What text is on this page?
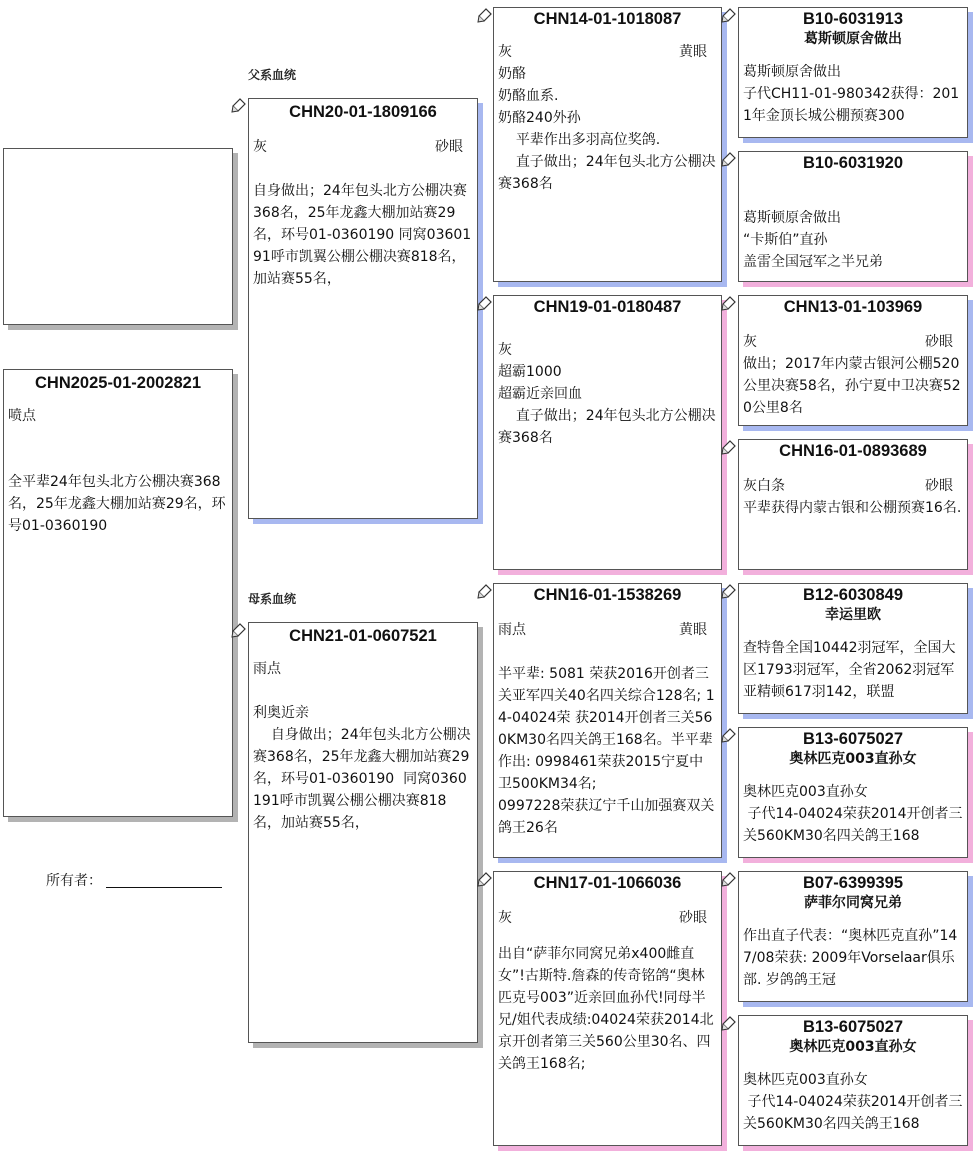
父系血统
母系血统
CHN2025-01-2002821
喷点
全平辈24年包头北方公棚决赛368名，25年龙鑫大棚加站赛29名，环号01-0360190
所有者：
CHN20-01-1809166
灰	砂眼
自身做出；24年包头北方公棚决赛368名，25年龙鑫大棚加站赛29名，环号01-0360190 同窝0360191呼市凯翼公棚公棚决赛818名，加站赛55名，
CHN21-01-0607521
雨点
利奥近亲
自身做出；24年包头北方公棚决赛368名，25年龙鑫大棚加站赛29名，环号01-0360190  同窝0360191呼市凯翼公棚公棚决赛818名，加站赛55名，
CHN14-01-1018087
灰	黄眼
奶酪
奶酪血系.
奶酪240外孙
平辈作出多羽高位奖鸽.
直子做出；24年包头北方公棚决赛368名
CHN19-01-0180487
灰
超霸1000
超霸近亲回血
直子做出；24年包头北方公棚决赛368名
CHN16-01-1538269
雨点	黄眼
半平辈: 5081 荣获2016开创者三关亚军四关40名四关综合128名; 14-04024荣 获2014开创者三关560KM30名四关鸽王168名。半平辈作出: 0998461荣获2015宁夏中卫500KM34名;
0997228荣获辽宁千山加强赛双关鸽王26名
CHN17-01-1066036
灰	砂眼
出自“萨菲尔同窝兄弟x400雌直女”!古斯特.詹森的传奇铭鸽“奥林匹克号003”近亲回血孙代!同母半兄/姐代表成绩:04024荣获2014北京开创者第三关560公里30名、四关鸽王168名;
B10-6031913
葛斯顿原舍做出
葛斯顿原舍做出
子代CH11-01-980342获得：2011年金顶长城公棚预赛300
B10-6031920
葛斯顿原舍做出
“卡斯伯”直孙
盖雷全国冠军之半兄弟
CHN13-01-103969
灰	砂眼
做出；2017年内蒙古银河公棚520公里决赛58名，孙宁夏中卫决赛520公里8名
CHN16-01-0893689
灰白条	砂眼
平辈获得内蒙古银和公棚预赛16名.
B12-6030849
幸运里欧
查特鲁全国10442羽冠军，全国大区1793羽冠军，全省2062羽冠军亚精顿617羽142，联盟
B13-6075027
奥林匹克003直孙女
奥林匹克003直孙女
子代14-04024荣获2014开创者三关560KM30名四关鸽王168
B07-6399395
萨菲尔同窝兄弟
作出直子代表：“奥林匹克直孙”147/08荣获: 2009年Vorselaar俱乐部. 岁鸽鸽王冠
B13-6075027
奥林匹克003直孙女
奥林匹克003直孙女
子代14-04024荣获2014开创者三关560KM30名四关鸽王168
